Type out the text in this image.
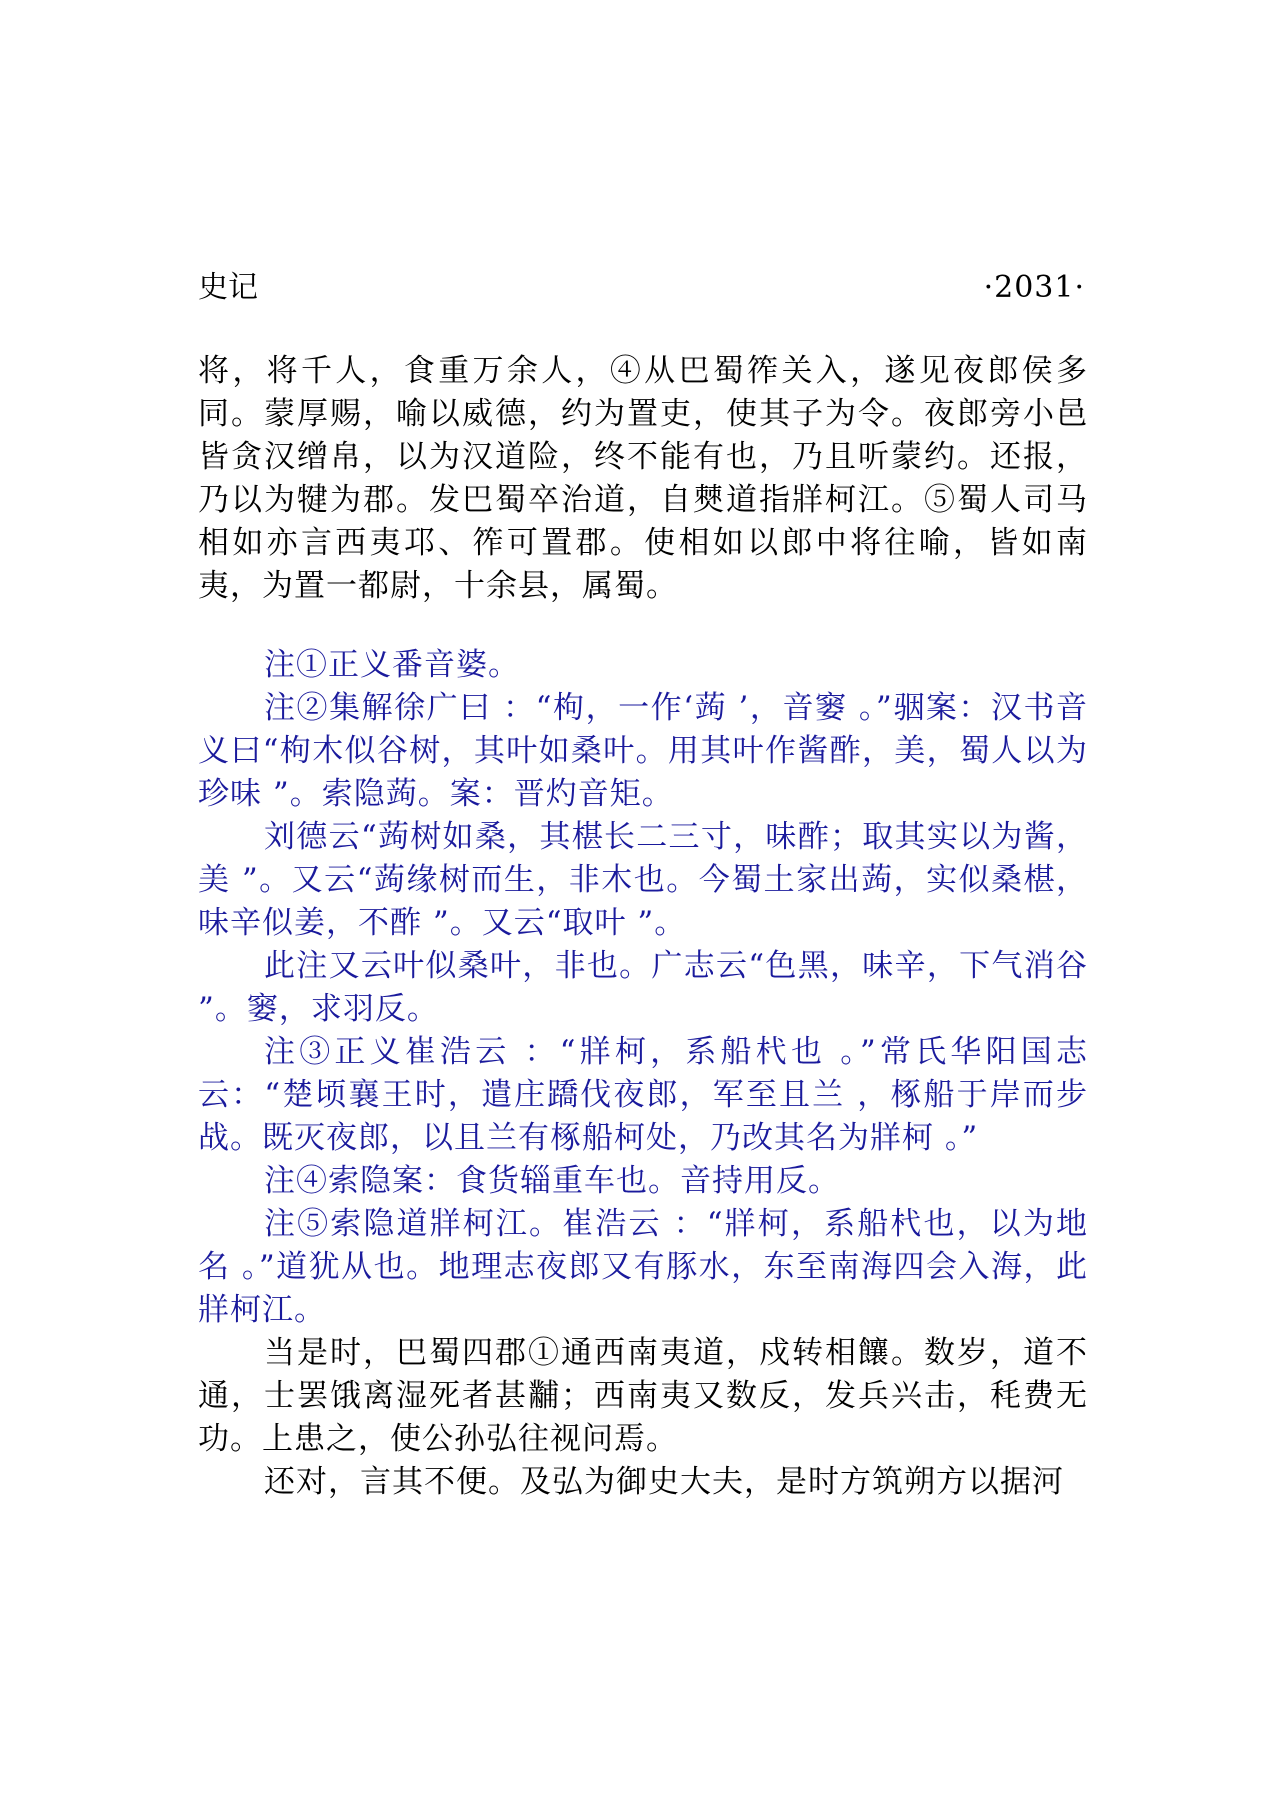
史记	·2031·

将，将千人，食重万余人，④从巴蜀筰关入，遂见夜郎侯多同。蒙厚赐，喻以威德，约为置吏，使其子为令。夜郎旁小邑皆贪汉缯帛，以为汉道险，终不能有也，乃且听蒙约。还报，乃以为犍为郡。发巴蜀卒治道，自僰道指牂柯江。⑤蜀人司马相如亦言西夷邛、筰可置郡。使相如以郎中将往喻，皆如南夷，为置一都尉，十余县，属蜀。

注①正义番音婆。

注②集解徐广曰 ：“枸，一作‘蒟 ’，音窭 。”骃案：汉书音义曰“枸木似谷树，其叶如桑叶。用其叶作酱酢，美，蜀人以为珍味 ”。索隐蒟。案：晋灼音矩。

刘德云“蒟树如桑，其椹长二三寸，味酢；取其实以为酱，美 ”。又云“蒟缘树而生，非木也。今蜀土家出蒟，实似桑椹，味辛似姜，不酢 ”。又云“取叶 ”。

此注又云叶似桑叶，非也。广志云“色黑，味辛，下气消谷 ”。窭，求羽反。

注③正义崔浩云 ：“牂柯，系船杙也 。”常氏华阳国志云：“楚顷襄王时，遣庄蹻伐夜郎，军至且兰 ，椓船于岸而步战。既灭夜郎，以且兰有椓船柯处，乃改其名为牂柯 。”

注④索隐案：食货辎重车也。音持用反。

注⑤索隐道牂柯江。崔浩云 ：“牂柯，系船杙也，以为地名 。”道犹从也。地理志夜郎又有豚水，东至南海四会入海，此牂柯江。

当是时，巴蜀四郡①通西南夷道，戍转相饟。数岁，道不通，士罢饿离湿死者甚黼；西南夷又数反，发兵兴击，秏费无功。上患之，使公孙弘往视问焉。

还对，言其不便。及弘为御史大夫，是时方筑朔方以据河
